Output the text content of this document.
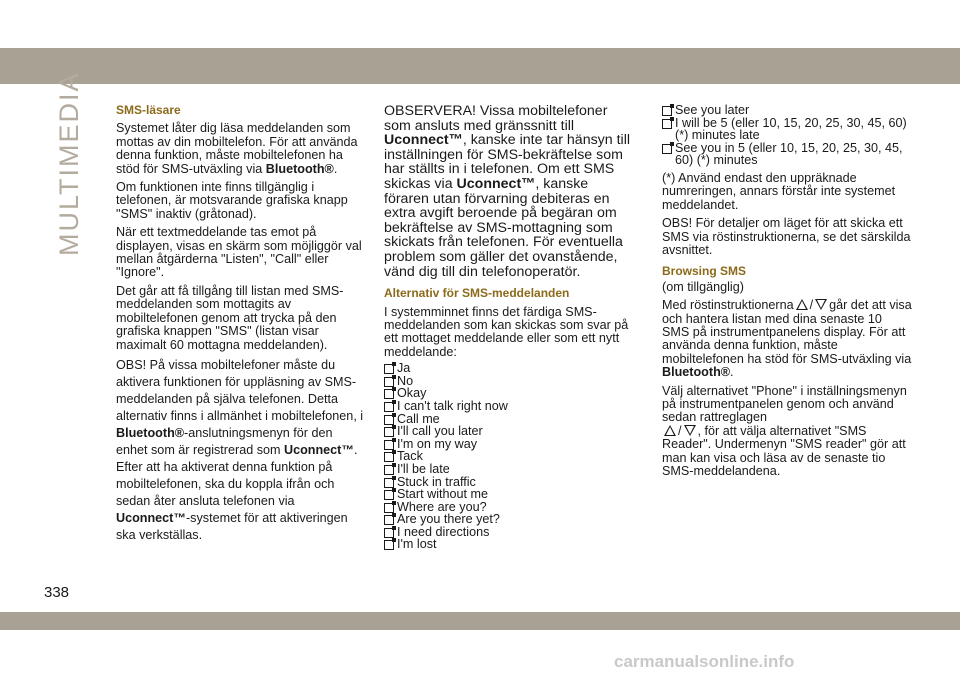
MULTIMEDIA	SMS-läsare

Systemet låter dig läsa meddelanden som mottas av din mobiltelefon. För att använda denna funktion, måste mobiltelefonen ha stöd för SMS-utväxling via Bluetooth®.

Om funktionen inte finns tillgänglig i telefonen, är motsvarande grafiska knapp "SMS" inaktiv (gråtonad).

När ett textmeddelande tas emot på displayen, visas en skärm som möjliggör val mellan åtgärderna "Listen", "Call" eller "Ignore".

Det går att få tillgång till listan med SMS-meddelanden som mottagits av mobiltelefonen genom att trycka på den grafiska knappen "SMS" (listan visar maximalt 60 mottagna meddelanden).

OBS! På vissa mobiltelefoner måste du aktivera funktionen för uppläsning av SMS-meddelanden på själva telefonen. Detta alternativ finns i allmänhet i mobiltelefonen, i Bluetooth®-anslutningsmenyn för den enhet som är registrerad som Uconnect™. Efter att ha aktiverat denna funktion på mobiltelefonen, ska du koppla ifrån och sedan åter ansluta telefonen via Uconnect™-systemet för att aktiveringen ska verkställas.

OBSERVERA! Vissa mobiltelefoner som ansluts med gränssnitt till Uconnect™, kanske inte tar hänsyn till inställningen för SMS-bekräftelse som har ställts in i telefonen. Om ett SMS skickas via Uconnect™, kanske föraren utan förvarning debiteras en extra avgift beroende på begäran om bekräftelse av SMS-mottagning som skickats från telefonen. För eventuella problem som gäller det ovanstående, vänd dig till din telefonoperatör.

Alternativ för SMS-meddelanden

I systemminnet finns det färdiga SMS-meddelanden som kan skickas som svar på ett mottaget meddelande eller som ett nytt meddelande:

Ja
No
Okay
I can't talk right now
Call me
I'll call you later
I'm on my way
Tack
I'll be late
Stuck in traffic
Start without me
Where are you?
Are you there yet?
I need directions
I'm lost
See you later
I will be 5 (eller 10, 15, 20, 25, 30, 45, 60) (*) minutes late
See you in 5 (eller 10, 15, 20, 25, 30, 45, 60) (*) minutes

(*) Använd endast den uppräknade numreringen, annars förstår inte systemet meddelandet.

OBS! För detaljer om läget för att skicka ett SMS via röstinstruktionerna, se det särskilda avsnittet.

Browsing SMS

(om tillgänglig)

Med röstinstruktionerna / går det att visa och hantera listan med dina senaste 10 SMS på instrumentpanelens display. För att använda denna funktion, måste mobiltelefonen ha stöd för SMS-utväxling via Bluetooth®.

Välj alternativet "Phone" i inställningsmenyn på instrumentpanelen genom och använd sedan rattreglagen
/ , för att välja alternativet "SMS Reader". Undermenyn "SMS reader" gör att man kan visa och läsa av de senaste tio SMS-meddelandena.

338
carmanualsonline.info
